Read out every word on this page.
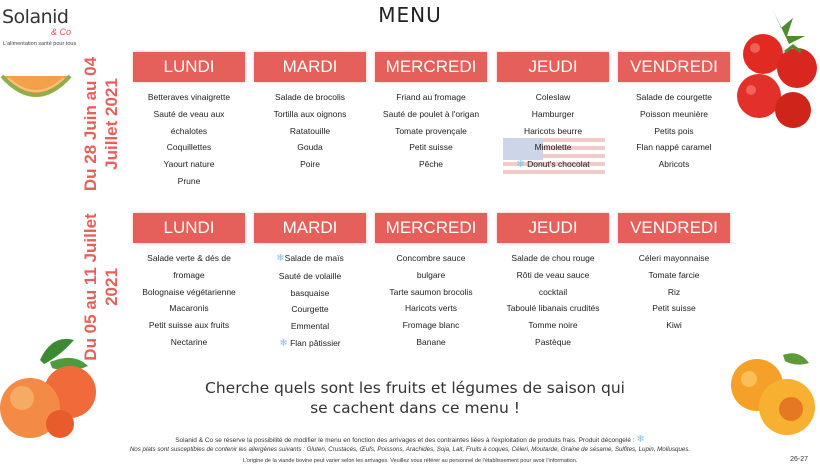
Solanid
& Co
L'alimentation santé pour tous
MENU
Du 28 Juin au 04 Juillet 2021
Du 05 au 11 Juillet 2021
LUNDI
Betteraves vinaigrette
Sauté de veau aux
échalotes
Coquillettes
Yaourt nature
Prune
MARDI
Salade de brocolis
Tortilla aux oignons
Ratatouille
Gouda
Poire
MERCREDI
Friand au fromage
Sauté de poulet à l'origan
Tomate provençale
Petit suisse
Pêche
JEUDI
Coleslaw
Hamburger
Haricots beurre
Mimolette
❄ Donut's chocolat
VENDREDI
Salade de courgette
Poisson meunière
Petits pois
Flan nappé caramel
Abricots
LUNDI
Salade verte & dés de
fromage
Bolognaise végétarienne
Macaronis
Petit suisse aux fruits
Nectarine
MARDI
❄Salade de maïs
Sauté de volaille
basquaise
Courgette
Emmental
❄ Flan pâtissier
MERCREDI
Concombre sauce
bulgare
Tarte saumon brocolis
Haricots verts
Fromage blanc
Banane
JEUDI
Salade de chou rouge
Rôti de veau sauce
cocktail
Taboulé libanais crudités
Tomme noire
Pastèque
VENDREDI
Céleri mayonnaise
Tomate farcie
Riz
Petit suisse
Kiwi
Cherche quels sont les fruits et légumes de saison qui
se cachent dans ce menu !
Solanid & Co se réserve la possibilité de modifier le menu en fonction des arrivages et des contraintes liées à l'exploitation de produits frais. Produit décongelé : ❄
Nos plats sont susceptibles de contenir les allergènes suivants : Gluten, Crustacés, Œufs, Poissons, Arachides, Soja, Lait, Fruits à coques, Céleri, Moutarde, Graine de sésame, Sulfites, Lupin, Mollusques.
L'origine de la viande bovine peut varier selon les arrivages. Veuillez vous référer au personnel de l'établissement pour avoir l'information.	26-27
